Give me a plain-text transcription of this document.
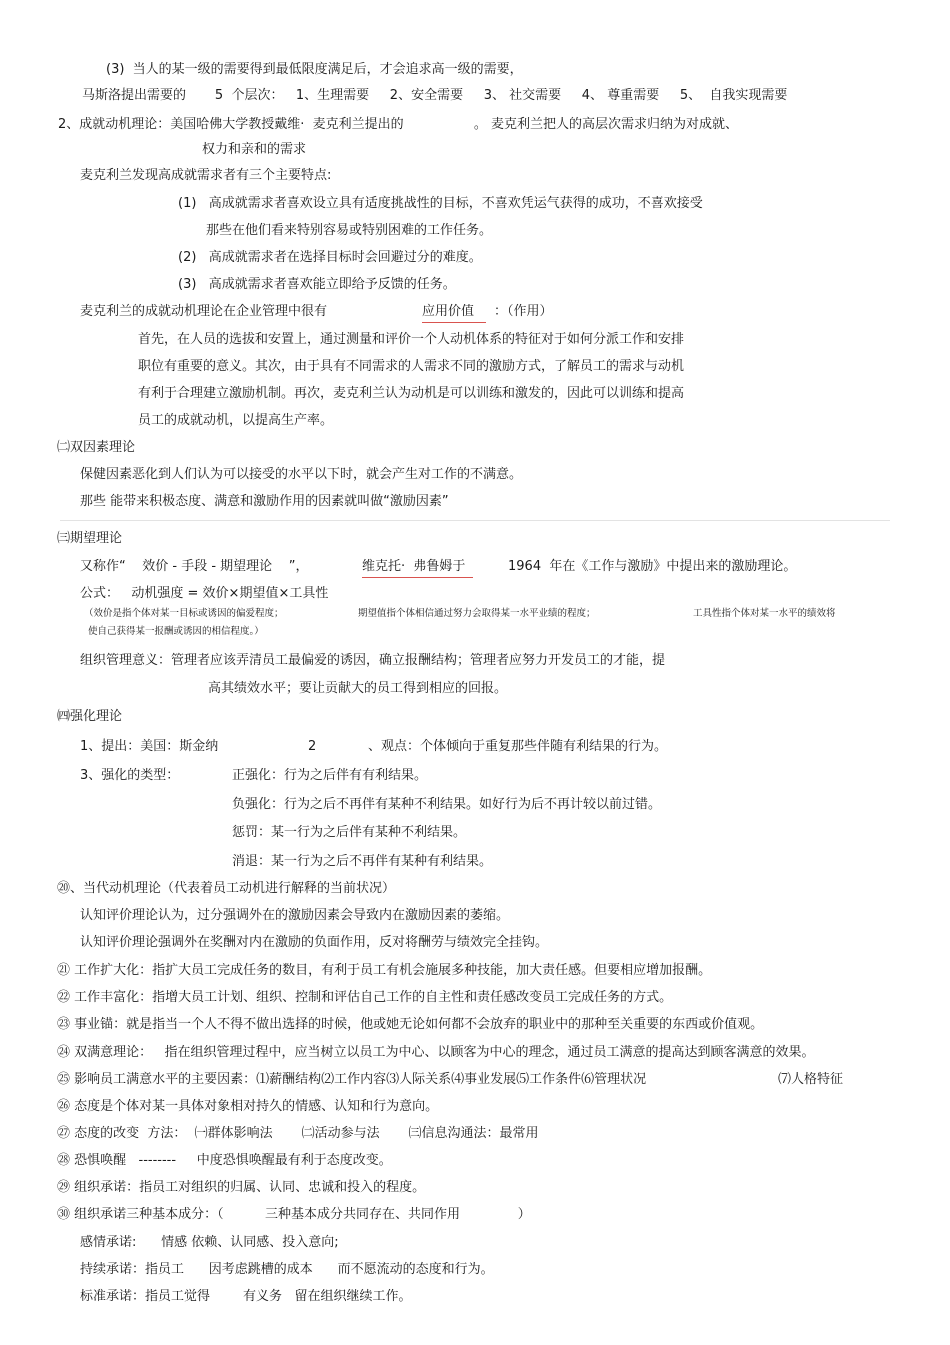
(3)  当人的某一级的需要得到最低限度满足后，才会追求高一级的需要，
马斯洛提出需要的       5  个层次：   1、生理需要     2、安全需要     3、 社交需要     4、 尊重需要     5、  自我实现需要
2、成就动机理论：美国哈佛大学教授戴维·  麦克利兰提出的                 。 麦克利兰把人的高层次需求归纳为对成就、
权力和亲和的需求
麦克利兰发现高成就需求者有三个主要特点:
(1)   高成就需求者喜欢设立具有适度挑战性的目标，不喜欢凭运气获得的成功，不喜欢接受
那些在他们看来特别容易或特别困难的工作任务。
(2)   高成就需求者在选择目标时会回避过分的难度。
(3)   高成就需求者喜欢能立即给予反馈的任务。
麦克利兰的成就动机理论在企业管理中很有	应用价值	：（作用）
首先，在人员的选拔和安置上，通过测量和评价一个人动机体系的特征对于如何分派工作和安排
职位有重要的意义。其次，由于具有不同需求的人需求不同的激励方式，了解员工的需求与动机
有利于合理建立激励机制。再次，麦克利兰认为动机是可以训练和激发的，因此可以训练和提高
员工的成就动机，以提高生产率。
㈡双因素理论
保健因素恶化到人们认为可以接受的水平以下时，就会产生对工作的不满意。
那些 能带来积极态度、满意和激励作用的因素就叫做“激励因素”
㈢期望理论
又称作“    效价 - 手段 - 期望理论    ”，	维克托·  弗鲁姆于	1964  年在《工作与激励》中提出来的激励理论。
公式：   动机强度 = 效价×期望值×工具性
（效价是指个体对某一目标或诱因的偏爱程度；	期望值指个体相信通过努力会取得某一水平业绩的程度；	工具性指个体对某一水平的绩效将
使自己获得某一报酬或诱因的相信程度。）
组织管理意义：管理者应该弄清员工最偏爱的诱因，确立报酬结构；管理者应努力开发员工的才能，提
高其绩效水平；要让贡献大的员工得到相应的回报。
㈣强化理论
1、提出：美国：斯金纳	2	、观点：个体倾向于重复那些伴随有利结果的行为。
3、强化的类型：	正强化：行为之后伴有有利结果。
负强化：行为之后不再伴有某种不利结果。如好行为后不再计较以前过错。
惩罚：某一行为之后伴有某种不利结果。
消退：某一行为之后不再伴有某种有利结果。
⑳、当代动机理论（代表着员工动机进行解释的当前状况）
认知评价理论认为，过分强调外在的激励因素会导致内在激励因素的萎缩。
认知评价理论强调外在奖酬对内在激励的负面作用，反对将酬劳与绩效完全挂钩。
㉑ 工作扩大化：指扩大员工完成任务的数目，有利于员工有机会施展多种技能，加大责任感。但要相应增加报酬。
㉒ 工作丰富化：指增大员工计划、组织、控制和评估自己工作的自主性和责任感改变员工完成任务的方式。
㉓ 事业锚：就是指当一个人不得不做出选择的时候，他或她无论如何都不会放弃的职业中的那种至关重要的东西或价值观。
㉔ 双满意理论：   指在组织管理过程中，应当树立以员工为中心、以顾客为中心的理念，通过员工满意的提高达到顾客满意的效果。
㉕ 影响员工满意水平的主要因素：⑴薪酬结构⑵工作内容⑶人际关系⑷事业发展⑸工作条件⑹管理状况	⑺人格特征
㉖ 态度是个体对某一具体对象相对持久的情感、认知和行为意向。
㉗ 态度的改变  方法：  ㈠群体影响法       ㈡活动参与法       ㈢信息沟通法：最常用
㉘ 恐惧唤醒   --------     中度恐惧唤醒最有利于态度改变。
㉙ 组织承诺：指员工对组织的归属、认同、忠诚和投入的程度。
㉚ 组织承诺三种基本成分：（          三种基本成分共同存在、共同作用              ）
感情承诺:      情感 依赖、认同感、投入意向;
持续承诺：指员工      因考虑跳槽的成本      而不愿流动的态度和行为。
标准承诺：指员工觉得        有义务   留在组织继续工作。
